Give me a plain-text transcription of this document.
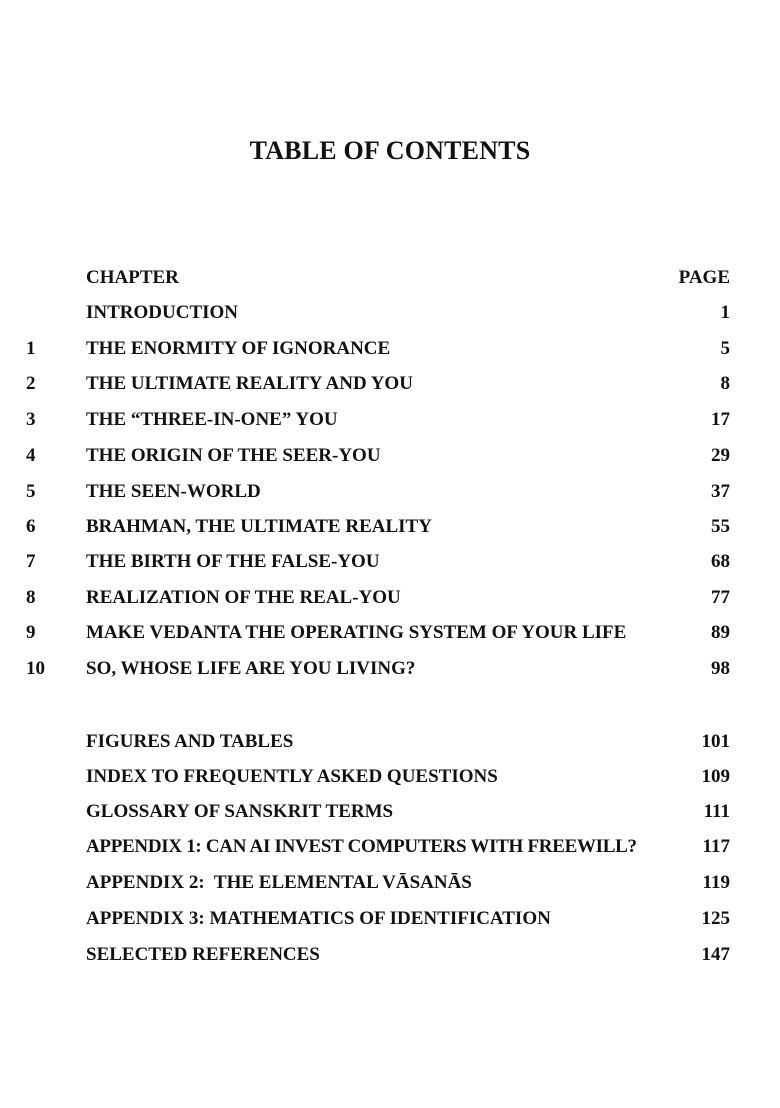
TABLE OF CONTENTS
CHAPTER	PAGE
INTRODUCTION	1
1	THE ENORMITY OF IGNORANCE	5
2	THE ULTIMATE REALITY AND YOU	8
3	THE “THREE-IN-ONE” YOU	17
4	THE ORIGIN OF THE SEER-YOU	29
5	THE SEEN-WORLD	37
6	BRAHMAN, THE ULTIMATE REALITY	55
7	THE BIRTH OF THE FALSE-YOU	68
8	REALIZATION OF THE REAL-YOU	77
9	MAKE VEDANTA THE OPERATING SYSTEM OF YOUR LIFE	89
10	SO, WHOSE LIFE ARE YOU LIVING?	98
FIGURES AND TABLES	101
INDEX TO FREQUENTLY ASKED QUESTIONS	109
GLOSSARY OF SANSKRIT TERMS	111
APPENDIX 1: CAN AI INVEST COMPUTERS WITH FREEWILL?	117
APPENDIX 2:  THE ELEMENTAL VĀSANĀS	119
APPENDIX 3: MATHEMATICS OF IDENTIFICATION	125
SELECTED REFERENCES	147
